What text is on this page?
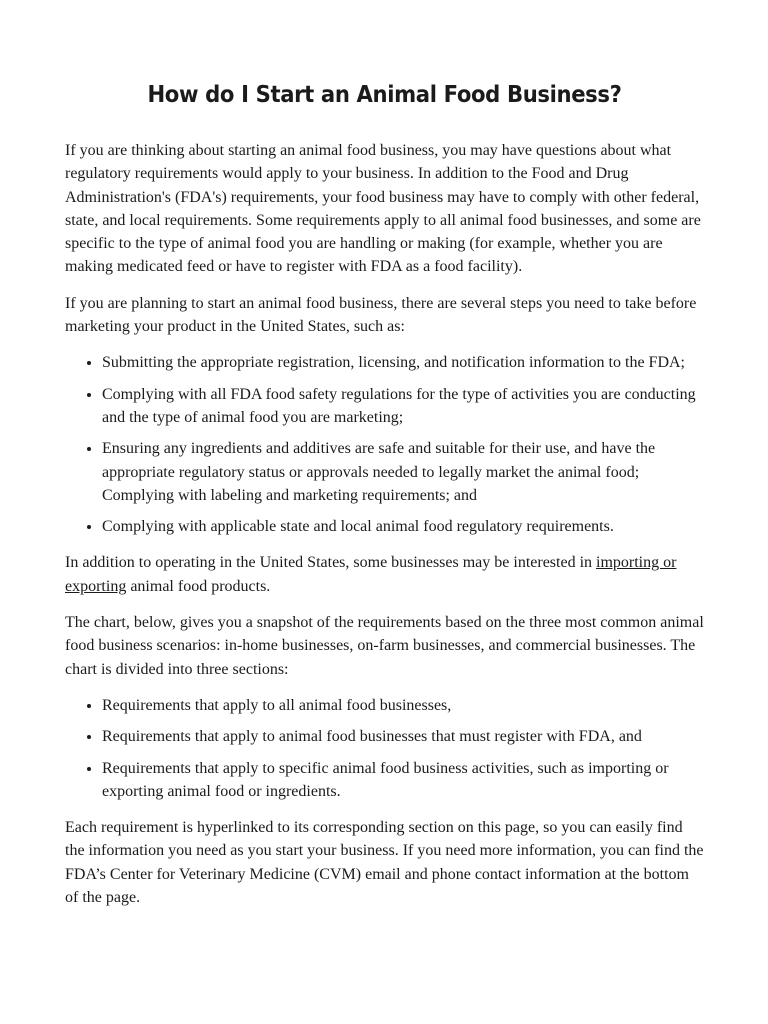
How do I Start an Animal Food Business?

If you are thinking about starting an animal food business, you may have questions about what regulatory requirements would apply to your business. In addition to the Food and Drug Administration's (FDA's) requirements, your food business may have to comply with other federal, state, and local requirements. Some requirements apply to all animal food businesses, and some are specific to the type of animal food you are handling or making (for example, whether you are making medicated feed or have to register with FDA as a food facility).

If you are planning to start an animal food business, there are several steps you need to take before marketing your product in the United States, such as:

• Submitting the appropriate registration, licensing, and notification information to the FDA;
• Complying with all FDA food safety regulations for the type of activities you are conducting and the type of animal food you are marketing;
• Ensuring any ingredients and additives are safe and suitable for their use, and have the appropriate regulatory status or approvals needed to legally market the animal food; Complying with labeling and marketing requirements; and
• Complying with applicable state and local animal food regulatory requirements.

In addition to operating in the United States, some businesses may be interested in importing or exporting animal food products.

The chart, below, gives you a snapshot of the requirements based on the three most common animal food business scenarios: in-home businesses, on-farm businesses, and commercial businesses. The chart is divided into three sections:

• Requirements that apply to all animal food businesses,
• Requirements that apply to animal food businesses that must register with FDA, and
• Requirements that apply to specific animal food business activities, such as importing or exporting animal food or ingredients.

Each requirement is hyperlinked to its corresponding section on this page, so you can easily find the information you need as you start your business. If you need more information, you can find the FDA’s Center for Veterinary Medicine (CVM) email and phone contact information at the bottom of the page.
